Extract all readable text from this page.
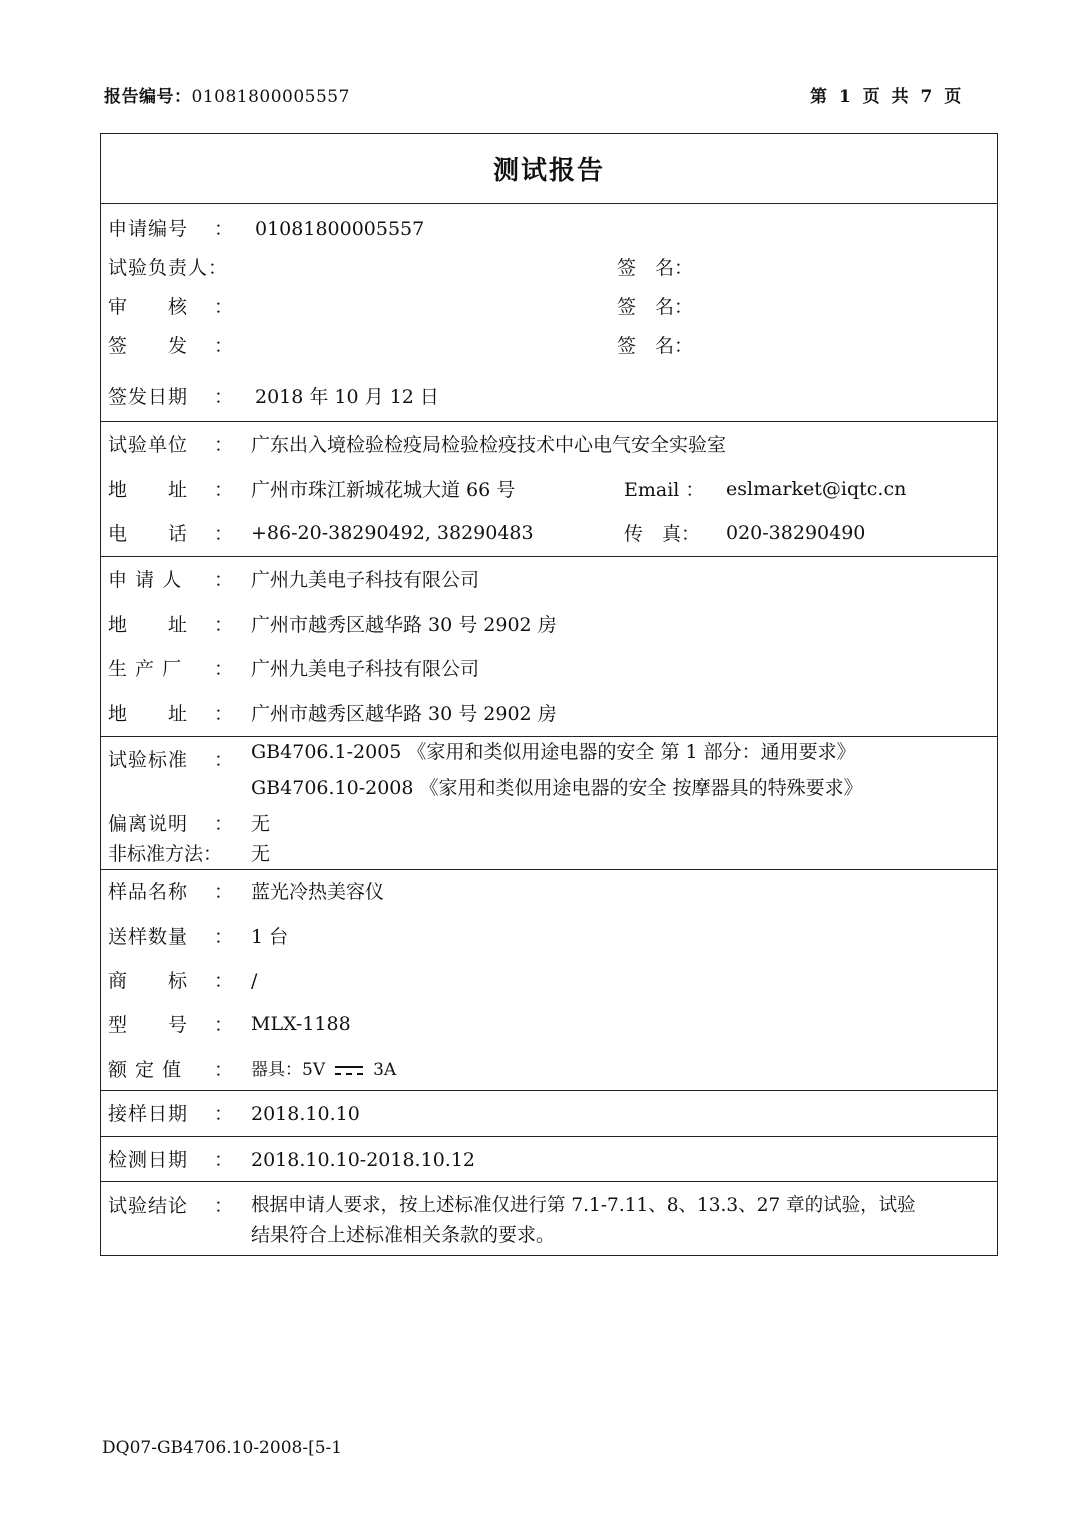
报告编号：01081800005557	第 1 页 共 7 页
测试报告
申请编号 ： 01081800005557
试验负责人：	签　名：
审　　核 ：	签　名：
签　　发 ：	签　名：
签发日期 ： 2018 年 10 月 12 日
试验单位 ： 广东出入境检验检疫局检验检疫技术中心电气安全实验室
地　　址 ： 广州市珠江新城花城大道 66 号	Email ： eslmarket@iqtc.cn
电　　话 ： +86-20-38290492, 38290483	传　真： 020-38290490
申 请 人 ： 广州九美电子科技有限公司
地　　址 ： 广州市越秀区越华路 30 号 2902 房
生 产 厂 ： 广州九美电子科技有限公司
地　　址 ： 广州市越秀区越华路 30 号 2902 房
试验标准 ： GB4706.1-2005 《家用和类似用途电器的安全 第 1 部分：通用要求》
GB4706.10-2008 《家用和类似用途电器的安全 按摩器具的特殊要求》
偏离说明 ： 无
非标准方法： 无
样品名称 ： 蓝光冷热美容仪
送样数量 ： 1 台
商　　标 ： /
型　　号 ： MLX-1188
额 定 值 ： 器具：5V	3A
接样日期 ： 2018.10.10
检测日期 ： 2018.10.10-2018.10.12
试验结论 ： 根据申请人要求，按上述标准仅进行第 7.1-7.11、8、13.3、27 章的试验，试验
结果符合上述标准相关条款的要求。
DQ07-GB4706.10-2008-[5-1
